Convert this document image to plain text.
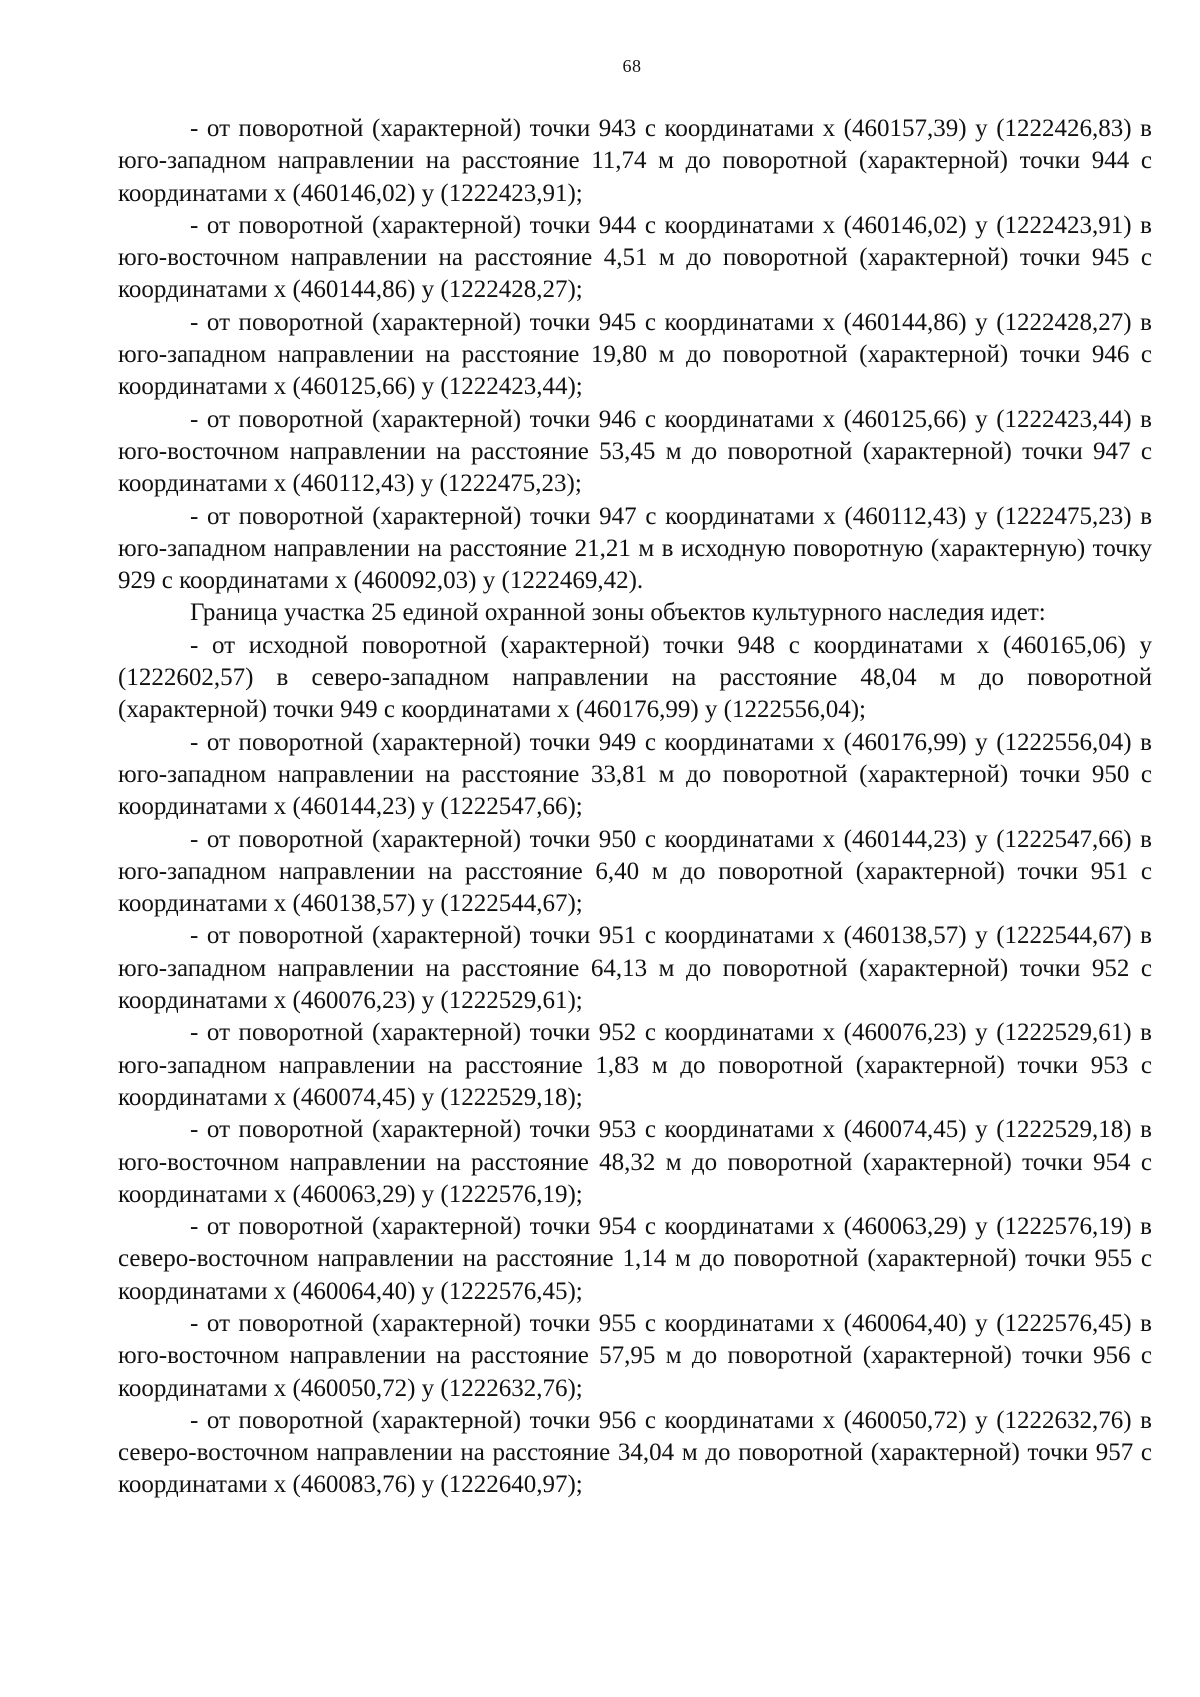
68

- от поворотной (характерной) точки 943 с координатами х (460157,39) у (1222426,83) в юго-западном направлении на расстояние 11,74 м до поворотной (характерной) точки 944 с координатами х (460146,02) у (1222423,91);

- от поворотной (характерной) точки 944 с координатами х (460146,02) у (1222423,91) в юго-восточном направлении на расстояние 4,51 м до поворотной (характерной) точки 945 с координатами х (460144,86) у (1222428,27);

- от поворотной (характерной) точки 945 с координатами х (460144,86) у (1222428,27) в юго-западном направлении на расстояние 19,80 м до поворотной (характерной) точки 946 с координатами х (460125,66) у (1222423,44);

- от поворотной (характерной) точки 946 с координатами х (460125,66) у (1222423,44) в юго-восточном направлении на расстояние 53,45 м до поворотной (характерной) точки 947 с координатами х (460112,43) у (1222475,23);

- от поворотной (характерной) точки 947 с координатами х (460112,43) у (1222475,23) в юго-западном направлении на расстояние 21,21 м в исходную поворотную (характерную) точку 929 с координатами х (460092,03) у (1222469,42).

Граница участка 25 единой охранной зоны объектов культурного наследия идет:

- от исходной поворотной (характерной) точки 948 с координатами х (460165,06) у (1222602,57) в северо-западном направлении на расстояние 48,04 м до поворотной (характерной) точки 949 с координатами х (460176,99) у (1222556,04);

- от поворотной (характерной) точки 949 с координатами х (460176,99) у (1222556,04) в юго-западном направлении на расстояние 33,81 м до поворотной (характерной) точки 950 с координатами х (460144,23) у (1222547,66);

- от поворотной (характерной) точки 950 с координатами х (460144,23) у (1222547,66) в юго-западном направлении на расстояние 6,40 м до поворотной (характерной) точки 951 с координатами х (460138,57) у (1222544,67);

- от поворотной (характерной) точки 951 с координатами х (460138,57) у (1222544,67) в юго-западном направлении на расстояние 64,13 м до поворотной (характерной) точки 952 с координатами х (460076,23) у (1222529,61);

- от поворотной (характерной) точки 952 с координатами х (460076,23) у (1222529,61) в юго-западном направлении на расстояние 1,83 м до поворотной (характерной) точки 953 с координатами х (460074,45) у (1222529,18);

- от поворотной (характерной) точки 953 с координатами х (460074,45) у (1222529,18) в юго-восточном направлении на расстояние 48,32 м до поворотной (характерной) точки 954 с координатами х (460063,29) у (1222576,19);

- от поворотной (характерной) точки 954 с координатами х (460063,29) у (1222576,19) в северо-восточном направлении на расстояние 1,14 м до поворотной (характерной) точки 955 с координатами х (460064,40) у (1222576,45);

- от поворотной (характерной) точки 955 с координатами х (460064,40) у (1222576,45) в юго-восточном направлении на расстояние 57,95 м до поворотной (характерной) точки 956 с координатами х (460050,72) у (1222632,76);

- от поворотной (характерной) точки 956 с координатами х (460050,72) у (1222632,76) в северо-восточном направлении на расстояние 34,04 м до поворотной (характерной) точки 957 с координатами х (460083,76) у (1222640,97);
